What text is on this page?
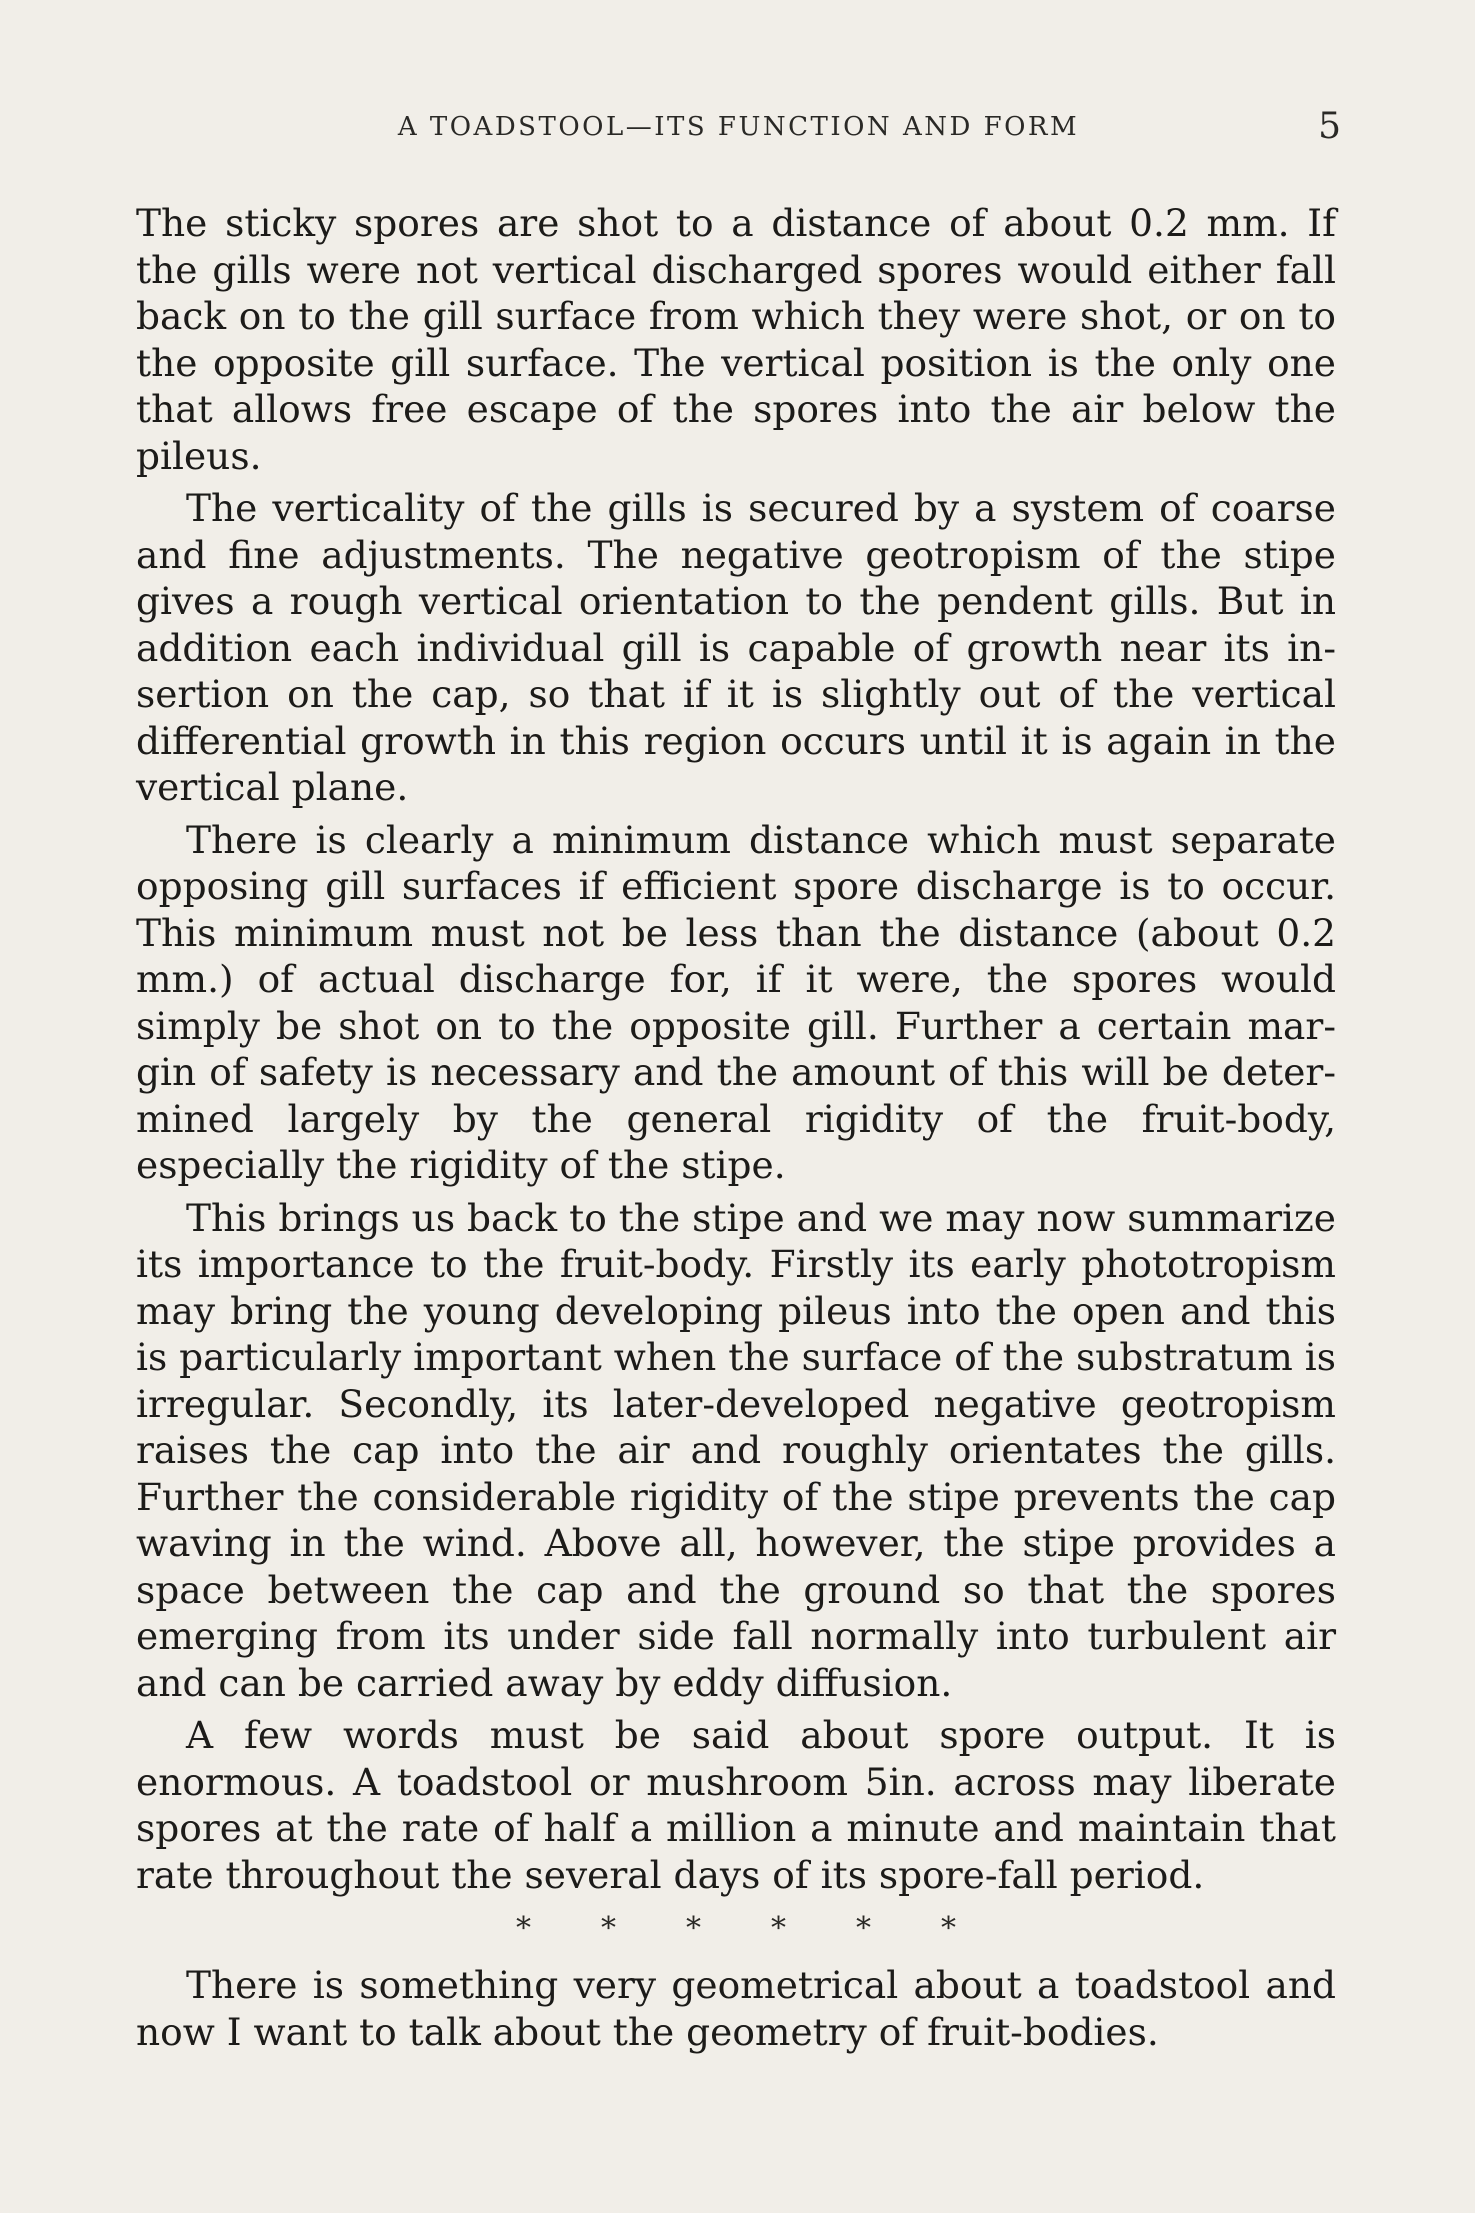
A TOADSTOOL—ITS FUNCTION AND FORM	5

The sticky spores are shot to a distance of about 0.2 mm. If the gills were not vertical discharged spores would either fall back on to the gill surface from which they were shot, or on to the opposite gill surface. The vertical position is the only one that allows free escape of the spores into the air below the pileus.

The verticality of the gills is secured by a system of coarse and fine adjustments. The negative geotropism of the stipe gives a rough vertical orientation to the pendent gills. But in addition each individual gill is capable of growth near its insertion on the cap, so that if it is slightly out of the vertical differential growth in this region occurs until it is again in the vertical plane.

There is clearly a minimum distance which must separate opposing gill surfaces if efficient spore discharge is to occur. This minimum must not be less than the distance (about 0.2 mm.) of actual discharge for, if it were, the spores would simply be shot on to the opposite gill. Further a certain margin of safety is necessary and the amount of this will be determined largely by the general rigidity of the fruit-body, especially the rigidity of the stipe.

This brings us back to the stipe and we may now summarize its importance to the fruit-body. Firstly its early phototropism may bring the young developing pileus into the open and this is particularly important when the surface of the substratum is irregular. Secondly, its later-developed negative geotropism raises the cap into the air and roughly orientates the gills. Further the considerable rigidity of the stipe prevents the cap waving in the wind. Above all, however, the stipe provides a space between the cap and the ground so that the spores emerging from its under side fall normally into turbulent air and can be carried away by eddy diffusion.

A few words must be said about spore output. It is enormous. A toadstool or mushroom 5in. across may liberate spores at the rate of half a million a minute and maintain that rate throughout the several days of its spore-fall period.

******

There is something very geometrical about a toadstool and now I want to talk about the geometry of fruit-bodies.
